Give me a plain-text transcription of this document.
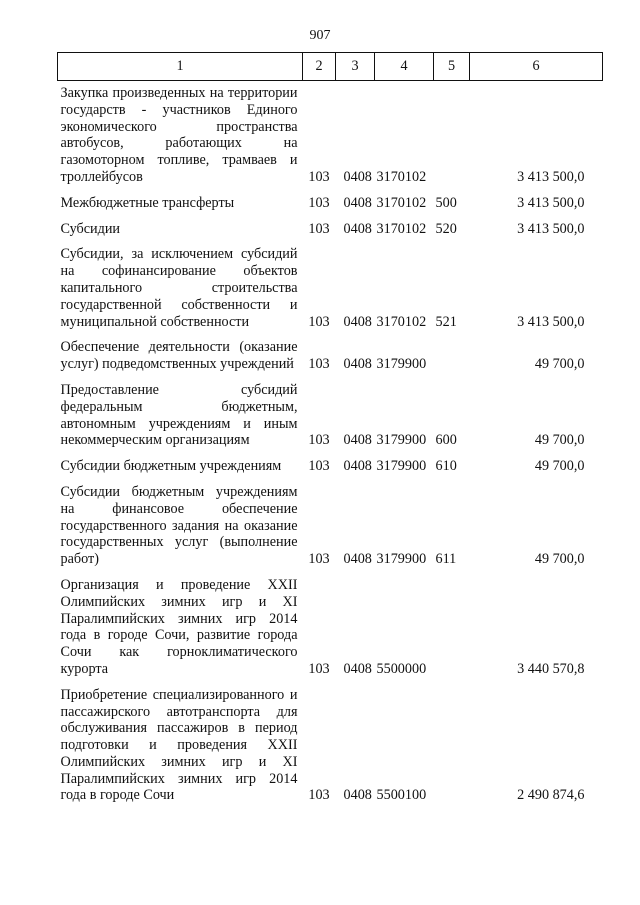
907
1	2	3	4	5	6
Закупка произведенных на территории государств - участников Единого экономического пространства автобусов, работающих на газомоторном топливе, трамваев и троллейбусов	103	0408	3170102		3 413 500,0
Межбюджетные трансферты	103	0408	3170102	500	3 413 500,0
Субсидии	103	0408	3170102	520	3 413 500,0
Субсидии, за исключением субсидий на софинансирование объектов капитального строительства государственной собственности и муниципальной собственности	103	0408	3170102	521	3 413 500,0
Обеспечение деятельности (оказание услуг) подведомственных учреждений	103	0408	3179900		49 700,0
Предоставление субсидий федеральным бюджетным, автономным учреждениям и иным некоммерческим организациям	103	0408	3179900	600	49 700,0
Субсидии бюджетным учреждениям	103	0408	3179900	610	49 700,0
Субсидии бюджетным учреждениям на финансовое обеспечение государственного задания на оказание государственных услуг (выполнение работ)	103	0408	3179900	611	49 700,0
Организация и проведение XXII Олимпийских зимних игр и XI Паралимпийских зимних игр 2014 года в городе Сочи, развитие города Сочи как горноклиматического курорта	103	0408	5500000		3 440 570,8
Приобретение специализированного и пассажирского автотранспорта для обслуживания пассажиров в период подготовки и проведения XXII Олимпийских зимних игр и XI Паралимпийских зимних игр 2014 года в городе Сочи	103	0408	5500100		2 490 874,6
